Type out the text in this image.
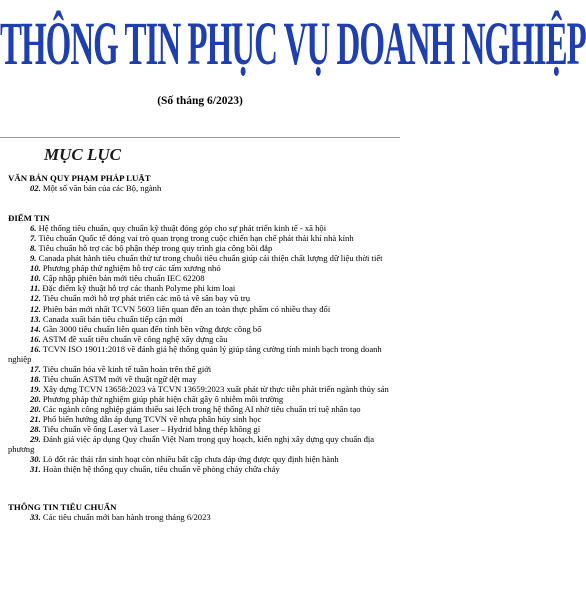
THÔNG TIN PHỤC VỤ DOANH NGHIỆP
(Số tháng 6/2023)
MỤC LỤC
VĂN BẢN QUY PHẠM PHÁP LUẬT
02. Một số văn bản của các Bộ, ngành
ĐIỂM TIN
6. Hệ thống tiêu chuẩn, quy chuẩn kỹ thuật đóng góp cho sự phát triển kinh tế - xã hội
7. Tiêu chuẩn Quốc tế đóng vai trò quan trọng trong cuộc chiến hạn chế phát thải khí nhà kính
8. Tiêu chuẩn hỗ trợ các bộ phận thép trong quy trình gia công bồi đắp
9. Canada phát hành tiêu chuẩn thử tư trong chuỗi tiêu chuẩn giúp cải thiện chất lượng dữ liệu thời tiết
10. Phương pháp thử nghiệm hỗ trợ các tấm xương nhỏ
10. Cập nhập phiên bản mới tiêu chuẩn IEC 62208
11. Đặc điểm kỹ thuật hỗ trợ các thanh Polyme phi kim loại
12. Tiêu chuẩn mới hỗ trợ phát triển các mô tả về sân bay vũ trụ
12. Phiên bản mới nhất TCVN 5603 liên quan đến an toàn thực phẩm có nhiều thay đổi
13. Canada xuất bản tiêu chuẩn tiếp cận mới
14. Gần 3000 tiêu chuẩn liên quan đến tính bền vững được công bố
16. ASTM đề xuất tiêu chuẩn về công nghệ xây dựng cầu
16. TCVN ISO 19011:2018 về đánh giá hệ thống quản lý giúp tăng cường tính minh bạch trong doanh nghiệp
17. Tiêu chuẩn hóa về kinh tế tuần hoàn trên thế giới
18. Tiêu chuẩn ASTM mới về thuật ngữ dệt may
19. Xây dựng TCVN 13658:2023 và TCVN 13659:2023 xuất phát từ thực tiễn phát triển ngành thủy sản
20. Phương pháp thử nghiệm giúp phát hiện chất gây ô nhiễm môi trường
20. Các ngành công nghiệp giảm thiểu sai lệch trong hệ thống AI nhờ tiêu chuẩn trí tuệ nhân tạo
21. Phổ biến hướng dẫn áp dụng TCVN về nhựa phân hủy sinh học
28. Tiêu chuẩn về ống Laser và Laser – Hydrid bằng thép không gỉ
29. Đánh giá việc áp dụng Quy chuẩn Việt Nam trong quy hoạch, kiến nghị xây dựng quy chuẩn địa phương
30. Lò đốt rác thải rắn sinh hoạt còn nhiều bất cập chưa đáp ứng được quy định hiện hành
31. Hoàn thiện hệ thống quy chuẩn, tiêu chuẩn về phòng cháy chữa cháy
THÔNG TIN TIÊU CHUẨN
33. Các tiêu chuẩn mới ban hành trong tháng 6/2023
